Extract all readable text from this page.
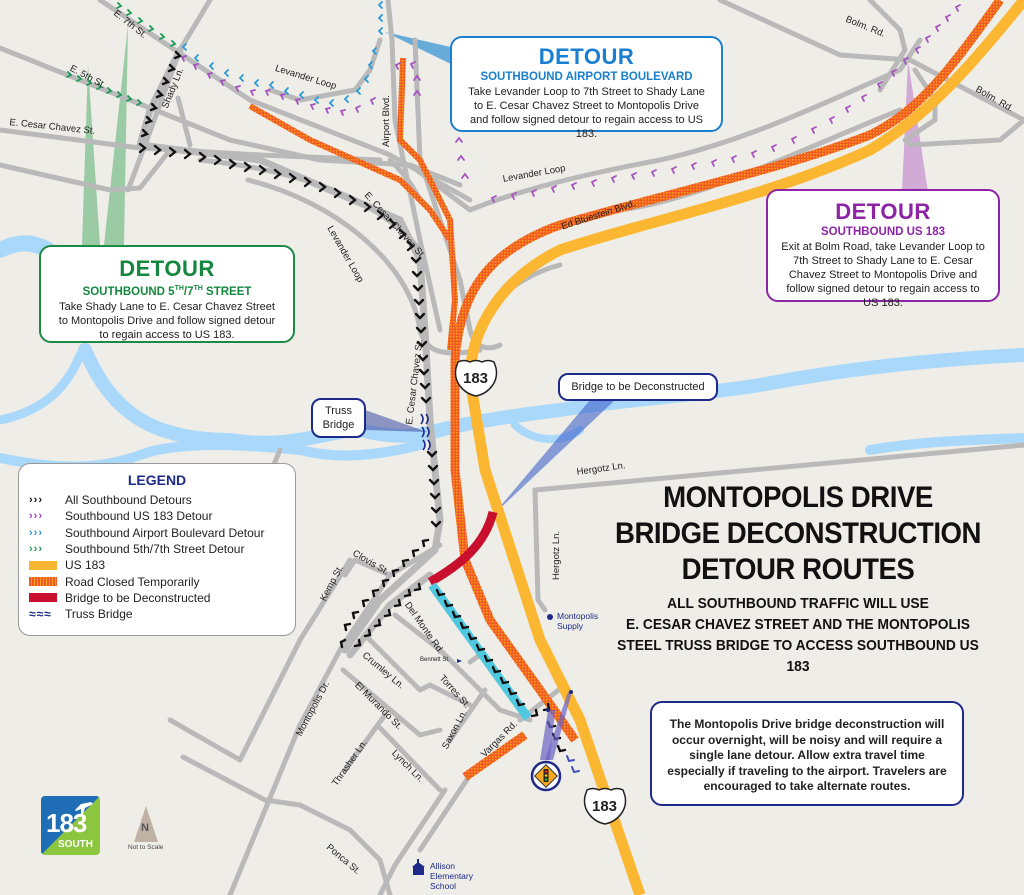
183
183
E. 7th St.
E. 5th St.	Shady Ln.
E. Cesar Chavez St.
Levander Loop
Airport Blvd.
Levander Loop
Ed Bluestein Blvd.
Bolm. Rd.
Bolm. Rd.
E. Cesar Chavez St.
Levander Loop
E. Cesar Chavez St.
Hergotz Ln.
Hergotz Ln.
Clovis St.
Kemp St.
Del Monte Rd.
Crumley Ln.
El Murando St.	Torres St.
Montopolis Dr.	Saxon Ln. Vargas Rd.
Thrasher Ln. Lynch Ln.
Ponca St.
Bennett St.
DETOUR
SOUTHBOUND AIRPORT BOULEVARD
Take Levander Loop to 7th Street to Shady Lane to E. Cesar Chavez Street to Montopolis Drive and follow signed detour to regain access to US 183.
DETOUR
SOUTHBOUND US 183
Exit at Bolm Road, take Levander Loop to 7th Street to Shady Lane to E. Cesar Chavez Street to Montopolis Drive and follow signed detour to regain access to US 183.
DETOUR
SOUTHBOUND 5TH/7TH STREET
Take Shady Lane to E. Cesar Chavez Street to Montopolis Drive and follow signed detour to regain access to US 183.
LEGEND
›››	All Southbound Detours
›››	Southbound US 183 Detour
›››	Southbound Airport Boulevard Detour
›››	Southbound 5th/7th Street Detour
US 183
Road Closed Temporarily
Bridge to be Deconstructed
≈≈≈	Truss Bridge
Truss Bridge
Bridge to be Deconstructed
MONTOPOLIS DRIVE
BRIDGE DECONSTRUCTION
DETOUR ROUTES
ALL SOUTHBOUND TRAFFIC WILL USE
E. CESAR CHAVEZ STREET AND THE MONTOPOLIS
STEEL TRUSS BRIDGE TO ACCESS SOUTHBOUND US 183
The Montopolis Drive bridge deconstruction will occur overnight, will be noisy and will require a single lane detour. Allow extra travel time especially if traveling to the airport. Travelers are encouraged to take alternate routes.
Montopolis Supply
Allison Elementary School
183
SOUTH
N
Not to Scale
